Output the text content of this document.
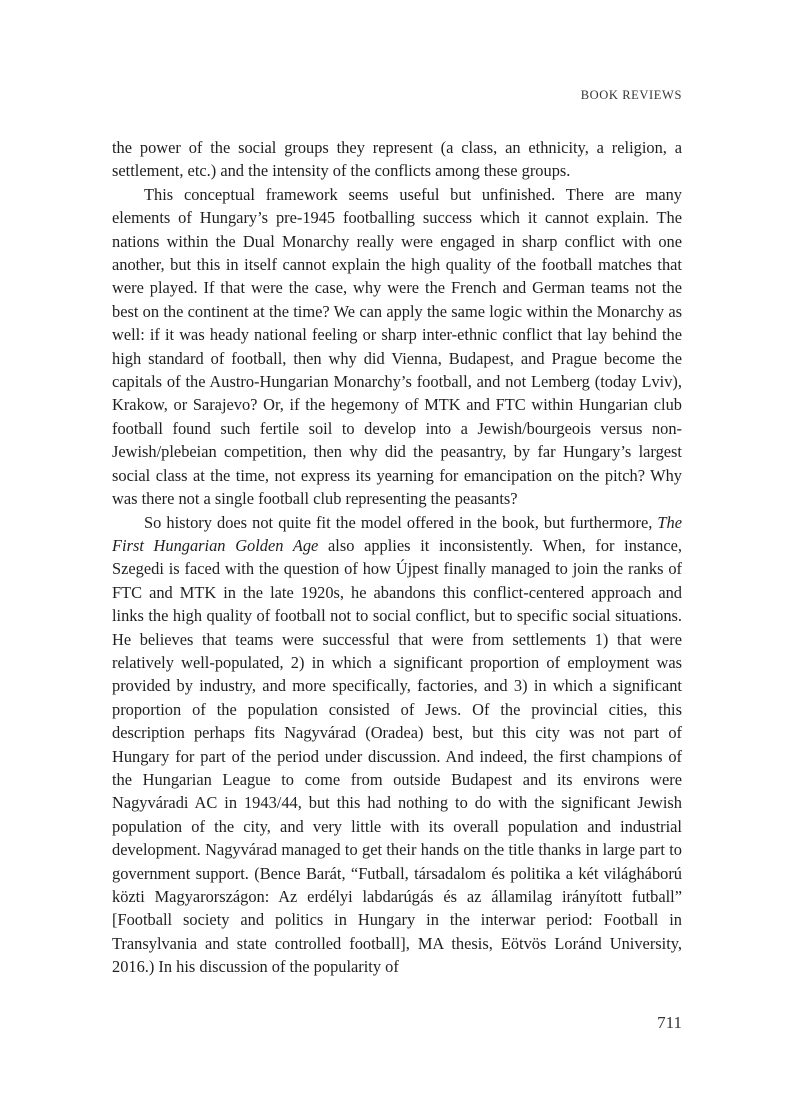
BOOK REVIEWS

the power of the social groups they represent (a class, an ethnicity, a religion, a settlement, etc.) and the intensity of the conflicts among these groups.

This conceptual framework seems useful but unfinished. There are many elements of Hungary’s pre-1945 footballing success which it cannot explain. The nations within the Dual Monarchy really were engaged in sharp conflict with one another, but this in itself cannot explain the high quality of the football matches that were played. If that were the case, why were the French and German teams not the best on the continent at the time? We can apply the same logic within the Monarchy as well: if it was heady national feeling or sharp inter-ethnic conflict that lay behind the high standard of football, then why did Vienna, Budapest, and Prague become the capitals of the Austro-Hungarian Monarchy’s football, and not Lemberg (today Lviv), Krakow, or Sarajevo? Or, if the hegemony of MTK and FTC within Hungarian club football found such fertile soil to develop into a Jewish/bourgeois versus non-Jewish/plebeian competition, then why did the peasantry, by far Hungary’s largest social class at the time, not express its yearning for emancipation on the pitch? Why was there not a single football club representing the peasants?

So history does not quite fit the model offered in the book, but furthermore, The First Hungarian Golden Age also applies it inconsistently. When, for instance, Szegedi is faced with the question of how Újpest finally managed to join the ranks of FTC and MTK in the late 1920s, he abandons this conflict-centered approach and links the high quality of football not to social conflict, but to specific social situations. He believes that teams were successful that were from settlements 1) that were relatively well-populated, 2) in which a significant proportion of employment was provided by industry, and more specifically, factories, and 3) in which a significant proportion of the population consisted of Jews. Of the provincial cities, this description perhaps fits Nagyvárad (Oradea) best, but this city was not part of Hungary for part of the period under discussion. And indeed, the first champions of the Hungarian League to come from outside Budapest and its environs were Nagyváradi AC in 1943/44, but this had nothing to do with the significant Jewish population of the city, and very little with its overall population and industrial development. Nagyvárad managed to get their hands on the title thanks in large part to government support. (Bence Barát, “Futball, társadalom és politika a két világháború közti Magyarországon: Az erdélyi labdarúgás és az államilag irányított futball” [Football society and politics in Hungary in the interwar period: Football in Transylvania and state controlled football], MA thesis, Eötvös Loránd University, 2016.) In his discussion of the popularity of

711
